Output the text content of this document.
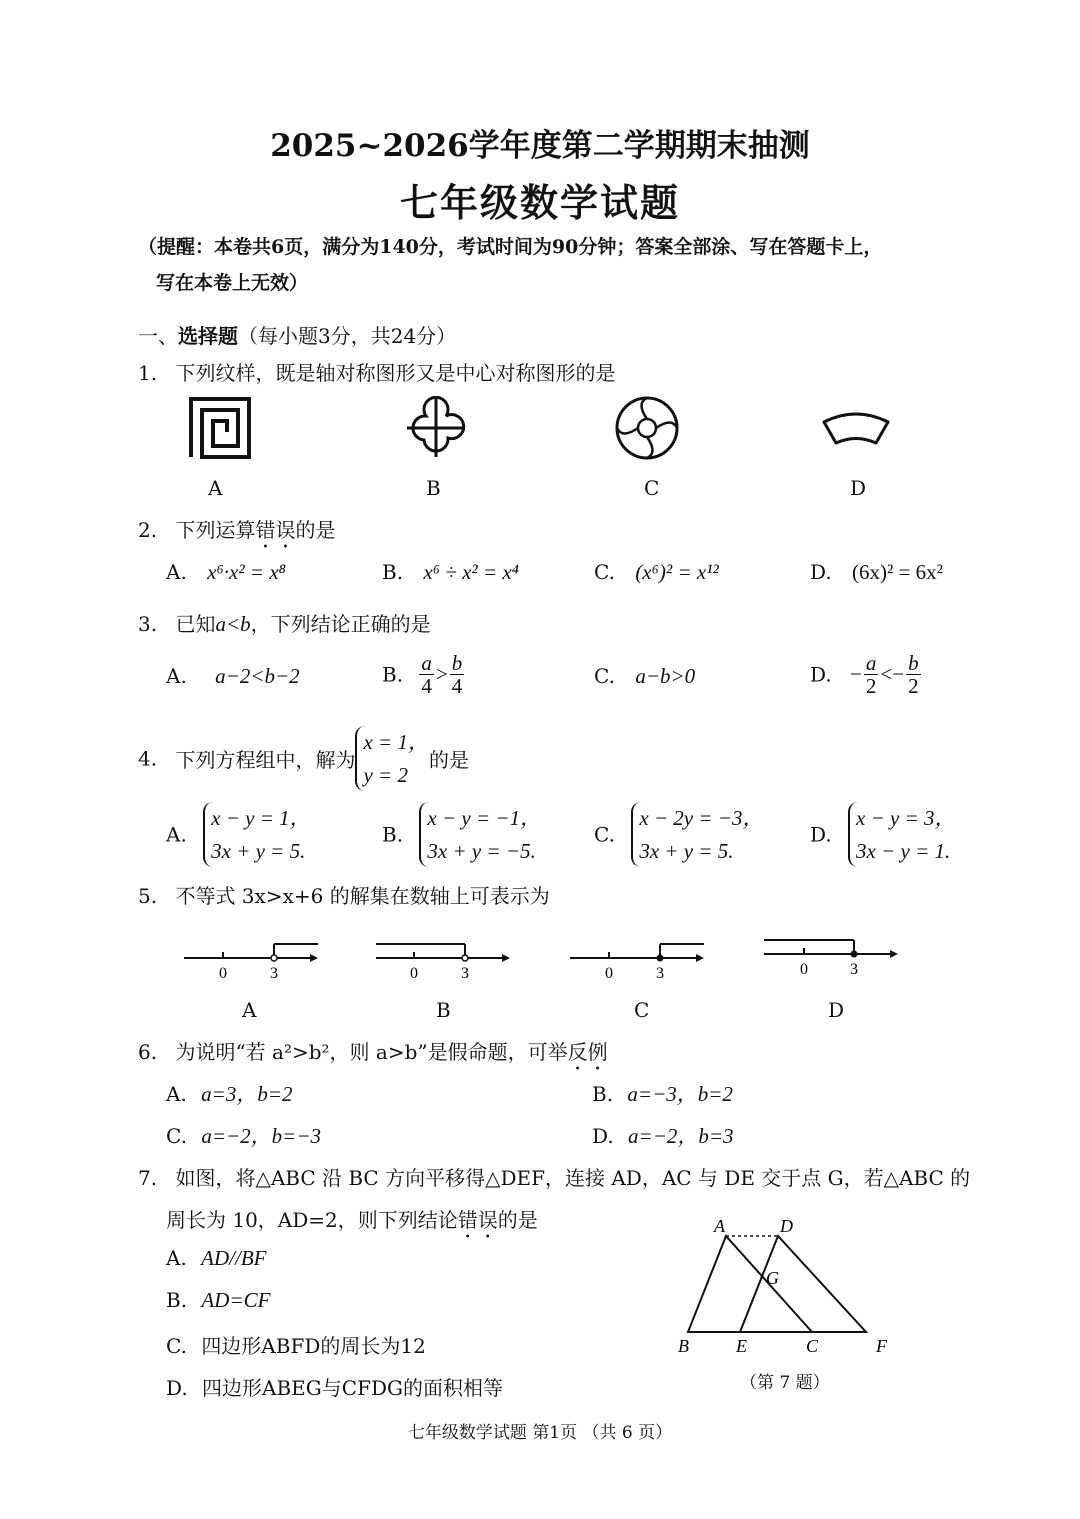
2025~2026学年度第二学期期末抽测
七年级数学试题
（提醒：本卷共6页，满分为140分，考试时间为90分钟；答案全部涂、写在答题卡上，
写在本卷上无效）
一、选择题（每小题3分，共24分）
1. 下列纹样，既是轴对称图形又是中心对称图形的是
A	B	C	D
2. 下列运算错误的是
A. x⁶·x² = x⁸	B. x⁶ ÷ x² = x⁴	C. (x⁶)² = x¹²	D. (6x)² = 6x²
3. 已知a<b，下列结论正确的是
A. a−2<b−2	B. $\frac{a}{4} > \frac{b}{4}$	C. a−b>0	D. − $\frac{a}{2} <- \frac{b}{2}$
4. 下列方程组中，解为
x = 1，
y = 2
的是
A.
x − y = 1，
3x + y = 5.
B.
x − y = −1，
3x + y = −5.
C.
x − 2y = −3，
3x + y = 5.
D.
x − y = 3，
3x − y = 1.
5. 不等式 3x>x+6 的解集在数轴上可表示为
0	3	0	3	0	3	0	3
A	B	C	D
6. 为说明“若 a²>b²，则 a>b”是假命题，可举反例
A. a=3，b=2	B. a=−3，b=2
C. a=−2，b=−3	D. a=−2，b=3
7. 如图，将△ABC 沿 BC 方向平移得△DEF，连接 AD，AC 与 DE 交于点 G，若△ABC 的
周长为 10，AD=2，则下列结论错误的是
A. AD//BF
B. AD=CF
C. 四边形ABFD的周长为12
D. 四边形ABEG与CFDG的面积相等
A	D
G
B	E	C	F
（第 7 题）
七年级数学试题 第1页 （共 6 页）
